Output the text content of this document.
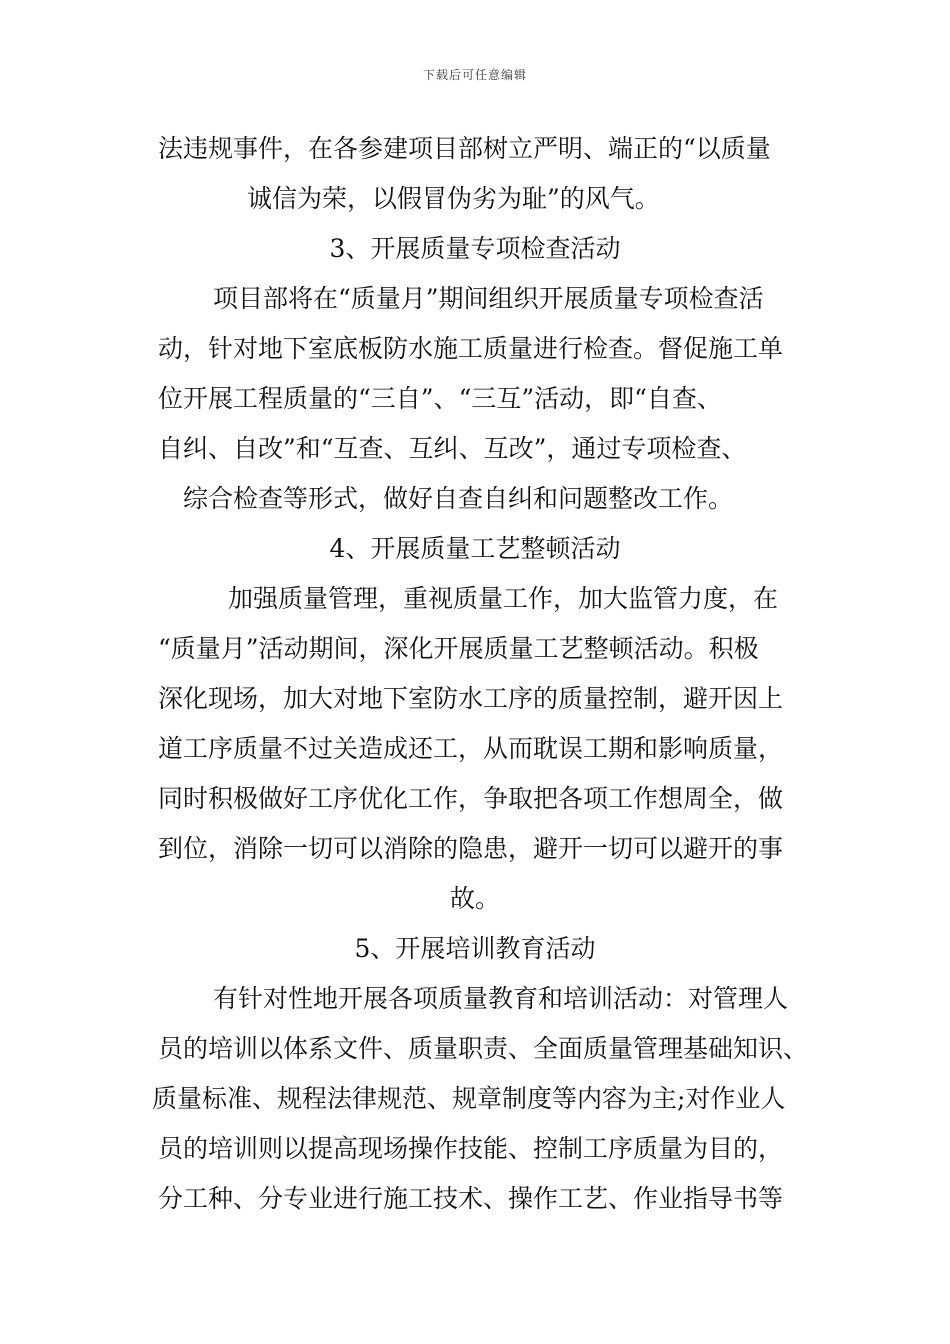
下载后可任意编辑
法违规事件，在各参建项目部树立严明、端正的“以质量
诚信为荣，以假冒伪劣为耻”的风气。
3、开展质量专项检查活动
项目部将在“质量月”期间组织开展质量专项检查活
动，针对地下室底板防水施工质量进行检查。督促施工单
位开展工程质量的“三自”、“三互”活动，即“自查、
自纠、自改”和“互查、互纠、互改”，通过专项检查、
综合检查等形式，做好自查自纠和问题整改工作。
4、开展质量工艺整顿活动
加强质量管理，重视质量工作，加大监管力度，在
“质量月”活动期间，深化开展质量工艺整顿活动。积极
深化现场，加大对地下室防水工序的质量控制，避开因上
道工序质量不过关造成还工，从而耽误工期和影响质量，
同时积极做好工序优化工作，争取把各项工作想周全，做
到位，消除一切可以消除的隐患，避开一切可以避开的事
故。
5、开展培训教育活动
有针对性地开展各项质量教育和培训活动：对管理人
员的培训以体系文件、质量职责、全面质量管理基础知识、
质量标准、规程法律规范、规章制度等内容为主;对作业人
员的培训则以提高现场操作技能、控制工序质量为目的，
分工种、分专业进行施工技术、操作工艺、作业指导书等
